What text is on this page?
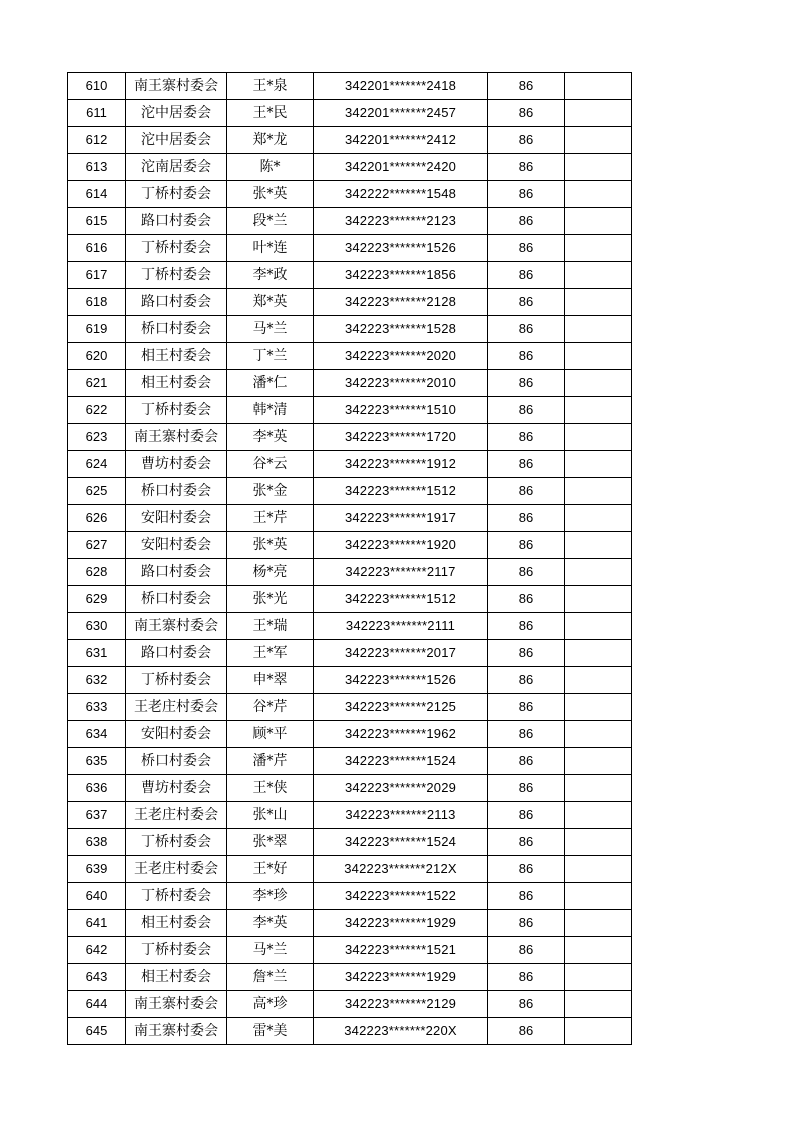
610	南王寨村委会	王*泉	342201*******2418	86	
611	沱中居委会	王*民	342201*******2457	86	
612	沱中居委会	郑*龙	342201*******2412	86	
613	沱南居委会	陈*	342201*******2420	86	
614	丁桥村委会	张*英	342222*******1548	86	
615	路口村委会	段*兰	342223*******2123	86	
616	丁桥村委会	叶*连	342223*******1526	86	
617	丁桥村委会	李*政	342223*******1856	86	
618	路口村委会	郑*英	342223*******2128	86	
619	桥口村委会	马*兰	342223*******1528	86	
620	相王村委会	丁*兰	342223*******2020	86	
621	相王村委会	潘*仁	342223*******2010	86	
622	丁桥村委会	韩*清	342223*******1510	86	
623	南王寨村委会	李*英	342223*******1720	86	
624	曹坊村委会	谷*云	342223*******1912	86	
625	桥口村委会	张*金	342223*******1512	86	
626	安阳村委会	王*芹	342223*******1917	86	
627	安阳村委会	张*英	342223*******1920	86	
628	路口村委会	杨*亮	342223*******2117	86	
629	桥口村委会	张*光	342223*******1512	86	
630	南王寨村委会	王*瑞	342223*******2111	86	
631	路口村委会	王*军	342223*******2017	86	
632	丁桥村委会	申*翠	342223*******1526	86	
633	王老庄村委会	谷*芹	342223*******2125	86	
634	安阳村委会	顾*平	342223*******1962	86	
635	桥口村委会	潘*芹	342223*******1524	86	
636	曹坊村委会	王*侠	342223*******2029	86	
637	王老庄村委会	张*山	342223*******2113	86	
638	丁桥村委会	张*翠	342223*******1524	86	
639	王老庄村委会	王*好	342223*******212X	86	
640	丁桥村委会	李*珍	342223*******1522	86	
641	相王村委会	李*英	342223*******1929	86	
642	丁桥村委会	马*兰	342223*******1521	86	
643	相王村委会	詹*兰	342223*******1929	86	
644	南王寨村委会	高*珍	342223*******2129	86	
645	南王寨村委会	雷*美	342223*******220X	86	
